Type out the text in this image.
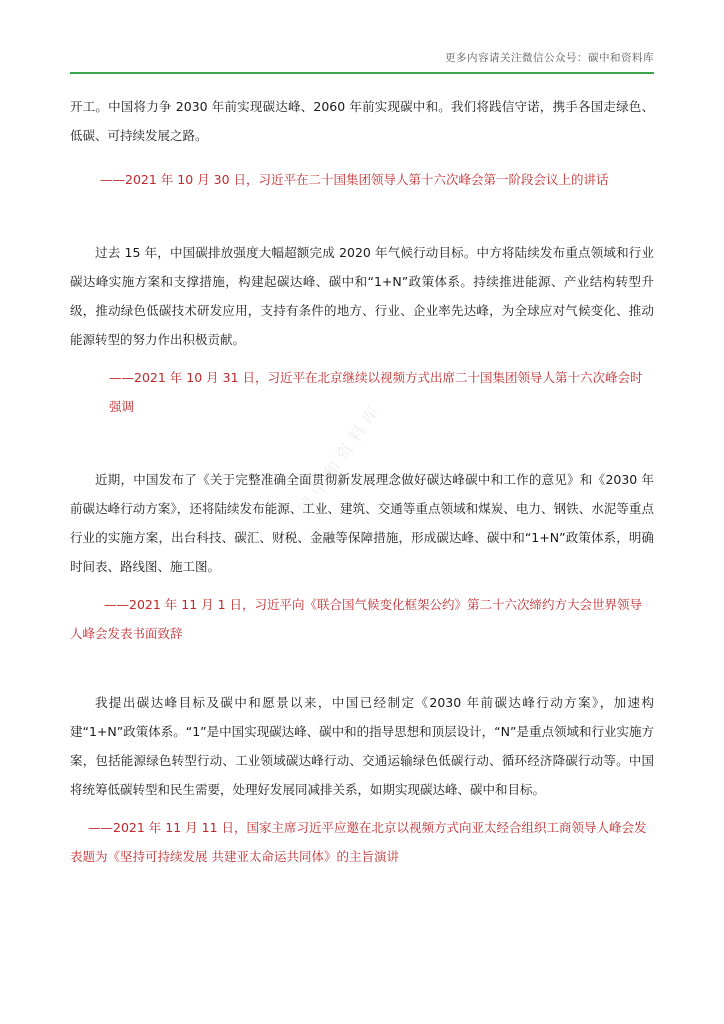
更多内容请关注微信公众号：碳中和资料库

开工。中国将力争 2030 年前实现碳达峰、2060 年前实现碳中和。我们将践信守诺，携手各国走绿色、低碳、可持续发展之路。

——2021 年 10 月 30 日，习近平在二十国集团领导人第十六次峰会第一阶段会议上的讲话

过去 15 年，中国碳排放强度大幅超额完成 2020 年气候行动目标。中方将陆续发布重点领域和行业碳达峰实施方案和支撑措施，构建起碳达峰、碳中和“1+N”政策体系。持续推进能源、产业结构转型升级，推动绿色低碳技术研发应用，支持有条件的地方、行业、企业率先达峰，为全球应对气候变化、推动能源转型的努力作出积极贡献。

——2021 年 10 月 31 日，习近平在北京继续以视频方式出席二十国集团领导人第十六次峰会时强调

近期，中国发布了《关于完整准确全面贯彻新发展理念做好碳达峰碳中和工作的意见》和《2030 年前碳达峰行动方案》，还将陆续发布能源、工业、建筑、交通等重点领域和煤炭、电力、钢铁、水泥等重点行业的实施方案，出台科技、碳汇、财税、金融等保障措施，形成碳达峰、碳中和“1+N”政策体系，明确时间表、路线图、施工图。

——2021 年 11 月 1 日，习近平向《联合国气候变化框架公约》第二十六次缔约方大会世界领导人峰会发表书面致辞

我提出碳达峰目标及碳中和愿景以来，中国已经制定《2030 年前碳达峰行动方案》，加速构建“1+N”政策体系。“1”是中国实现碳达峰、碳中和的指导思想和顶层设计，“N”是重点领域和行业实施方案，包括能源绿色转型行动、工业领域碳达峰行动、交通运输绿色低碳行动、循环经济降碳行动等。中国将统筹低碳转型和民生需要，处理好发展同减排关系，如期实现碳达峰、碳中和目标。

——2021 年 11 月 11 日，国家主席习近平应邀在北京以视频方式向亚太经合组织工商领导人峰会发表题为《坚持可持续发展 共建亚太命运共同体》的主旨演讲

碳中和资料库
